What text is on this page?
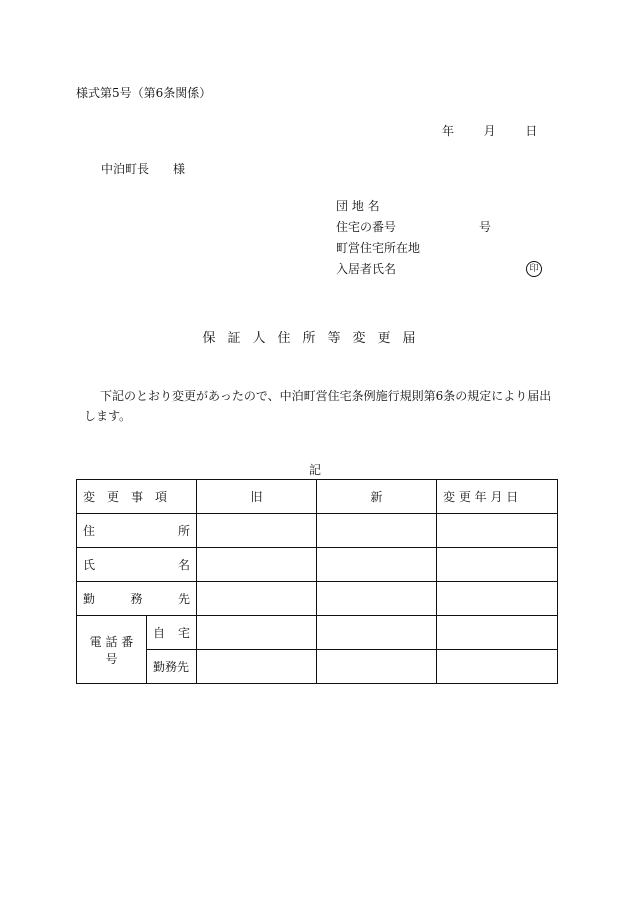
様式第5号（第6条関係）
年 月 日
中泊町長　　様
団 地 名
住宅の番号	号
町営住宅所在地
入居者氏名	印
保証人住所等変更届
下記のとおり変更があったので、中泊町営住宅条例施行規則第6条の規定により届出します。
記
変　更　事　項		旧	新	変 更 年 月 日

住 所				

氏 名				

勤 務 先				

電 話 番 号	自 宅			

	勤務先			
